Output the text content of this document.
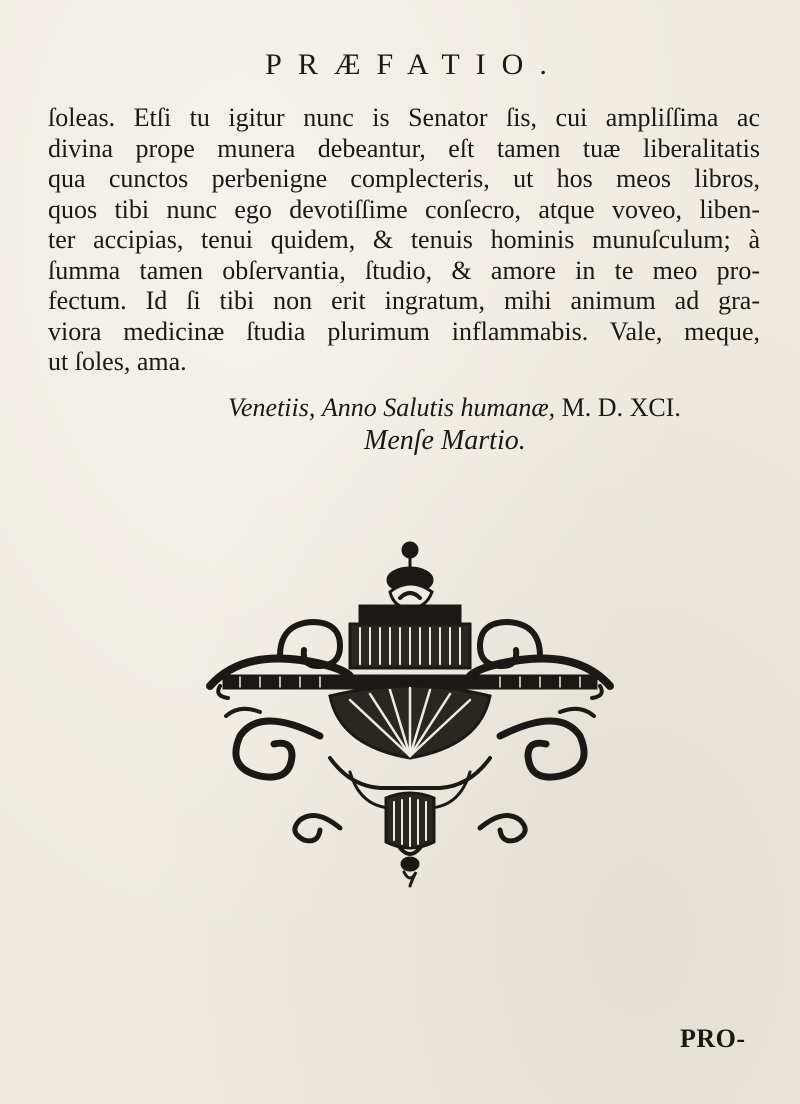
PRÆFATIO.
ſoleas. Etſi tu igitur nunc is Senator ſis, cui ampliſſima ac
divina prope munera debeantur, eſt tamen tuæ liberalitatis
qua cunctos perbenigne complecteris, ut hos meos libros,
quos tibi nunc ego devotiſſime conſecro, atque voveo, liben-
ter accipias, tenui quidem, & tenuis hominis munuſculum; à
ſumma tamen obſervantia, ſtudio, & amore in te meo pro-
fectum. Id ſi tibi non erit ingratum, mihi animum ad gra-
viora medicinæ ſtudia plurimum inflammabis. Vale, meque,
ut ſoles, ama.
Venetiis, Anno Salutis humanæ, M. D. XCI.
Menſe Martio.
PRO-
